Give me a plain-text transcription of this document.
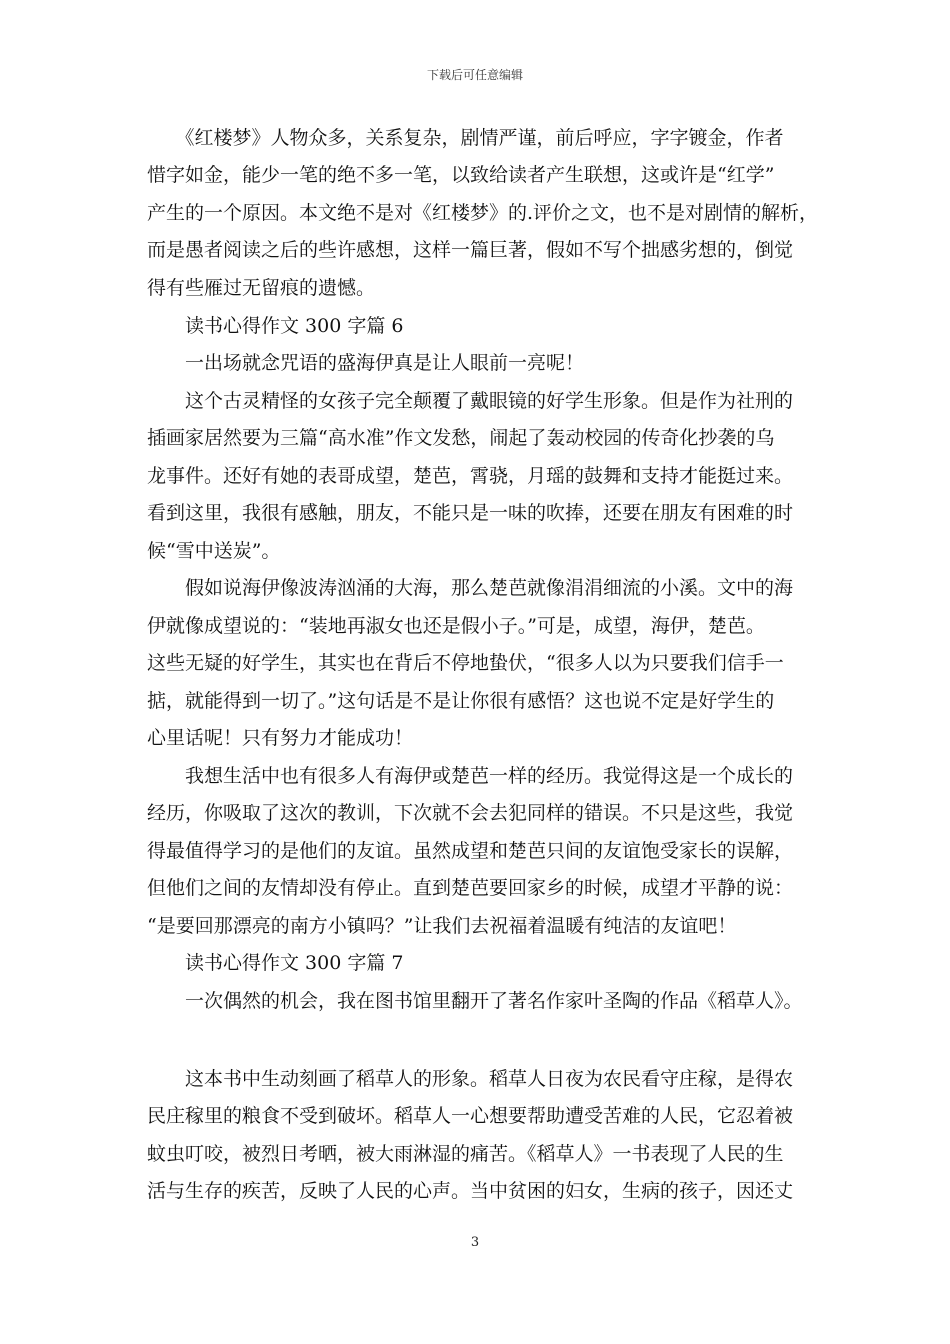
下载后可任意编辑
　　《红楼梦》人物众多，关系复杂，剧情严谨，前后呼应，字字镀金，作者
惜字如金，能少一笔的绝不多一笔，以致给读者产生联想，这或许是“红学”
产生的一个原因。本文绝不是对《红楼梦》的.评价之文，也不是对剧情的解析，
而是愚者阅读之后的些许感想，这样一篇巨著，假如不写个拙感劣想的，倒觉
得有些雁过无留痕的遗憾。
　　读书心得作文 300 字篇 6
　　一出场就念咒语的盛海伊真是让人眼前一亮呢！
　　这个古灵精怪的女孩子完全颠覆了戴眼镜的好学生形象。但是作为社刑的
插画家居然要为三篇“高水准”作文发愁，闹起了轰动校园的传奇化抄袭的乌
龙事件。还好有她的表哥成望，楚芭，霄骁，月瑶的鼓舞和支持才能挺过来。
看到这里，我很有感触，朋友，不能只是一味的吹捧，还要在朋友有困难的时
候“雪中送炭”。
　　假如说海伊像波涛汹涌的大海，那么楚芭就像涓涓细流的小溪。文中的海
伊就像成望说的：“装地再淑女也还是假小子。”可是，成望，海伊，楚芭。
这些无疑的好学生，其实也在背后不停地蛰伏，“很多人以为只要我们信手一
掂，就能得到一切了。”这句话是不是让你很有感悟？这也说不定是好学生的
心里话呢！只有努力才能成功！
　　我想生活中也有很多人有海伊或楚芭一样的经历。我觉得这是一个成长的
经历，你吸取了这次的教训，下次就不会去犯同样的错误。不只是这些，我觉
得最值得学习的是他们的友谊。虽然成望和楚芭只间的友谊饱受家长的误解，
但他们之间的友情却没有停止。直到楚芭要回家乡的时候，成望才平静的说：
“是要回那漂亮的南方小镇吗？”让我们去祝福着温暖有纯洁的友谊吧！
　　读书心得作文 300 字篇 7
　　一次偶然的机会，我在图书馆里翻开了著名作家叶圣陶的作品《稻草人》。
　　这本书中生动刻画了稻草人的形象。稻草人日夜为农民看守庄稼，是得农
民庄稼里的粮食不受到破坏。稻草人一心想要帮助遭受苦难的人民，它忍着被
蚊虫叮咬，被烈日考晒，被大雨淋湿的痛苦。《稻草人》一书表现了人民的生
活与生存的疾苦，反映了人民的心声。当中贫困的妇女，生病的孩子，因还丈
3
